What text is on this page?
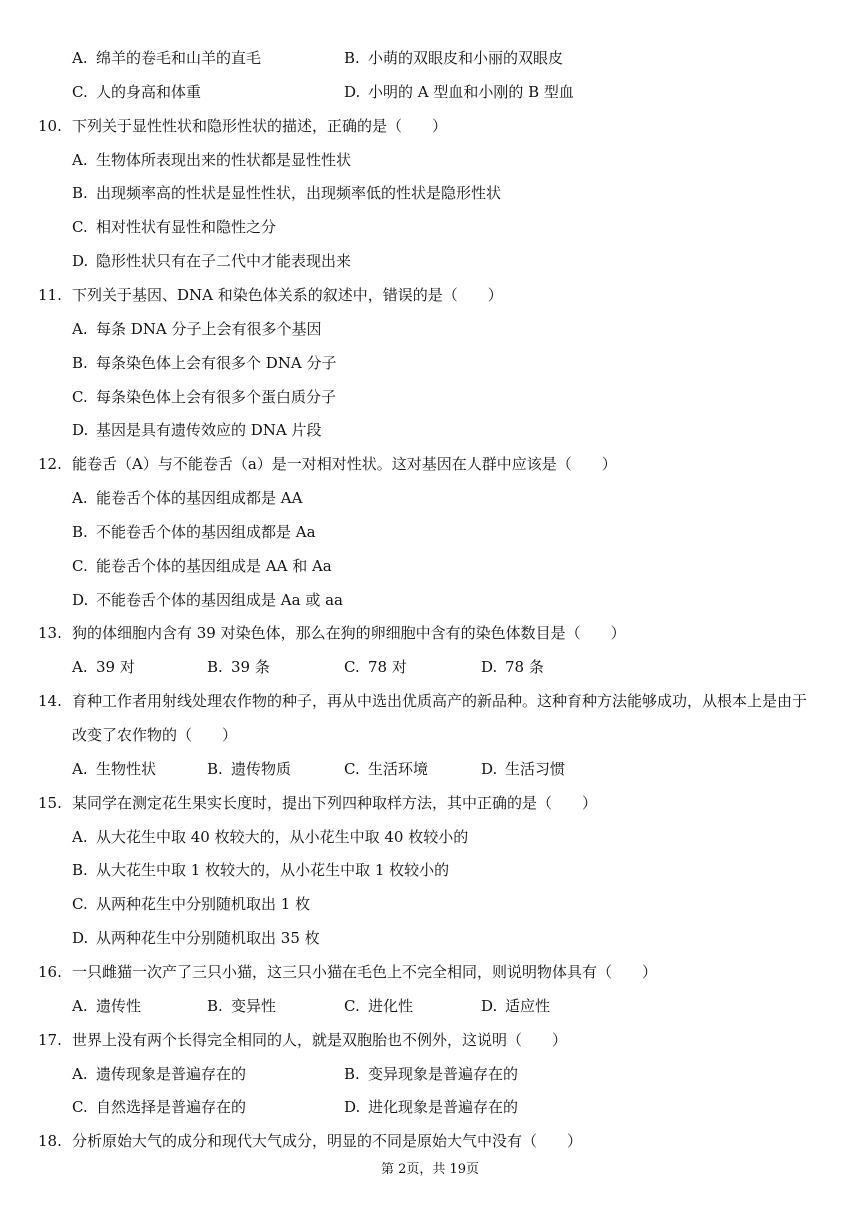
A. 绵羊的卷毛和山羊的直毛	B. 小萌的双眼皮和小丽的双眼皮
C. 人的身高和体重	D. 小明的 A 型血和小刚的 B 型血
10. 下列关于显性性状和隐形性状的描述，正确的是（　　）
A. 生物体所表现出来的性状都是显性性状
B. 出现频率高的性状是显性性状，出现频率低的性状是隐形性状
C. 相对性状有显性和隐性之分
D. 隐形性状只有在子二代中才能表现出来
11. 下列关于基因、DNA 和染色体关系的叙述中，错误的是（　　）
A. 每条 DNA 分子上会有很多个基因
B. 每条染色体上会有很多个 DNA 分子
C. 每条染色体上会有很多个蛋白质分子
D. 基因是具有遗传效应的 DNA 片段
12. 能卷舌（A）与不能卷舌（a）是一对相对性状。这对基因在人群中应该是（　　）
A. 能卷舌个体的基因组成都是 AA
B. 不能卷舌个体的基因组成都是 Aa
C. 能卷舌个体的基因组成是 AA 和 Aa
D. 不能卷舌个体的基因组成是 Aa 或 aa
13. 狗的体细胞内含有 39 对染色体，那么在狗的卵细胞中含有的染色体数目是（　　）
A. 39 对	B. 39 条	C. 78 对	D. 78 条
14. 育种工作者用射线处理农作物的种子，再从中选出优质高产的新品种。这种育种方法能够成功，从根本上是由于
改变了农作物的（　　）
A. 生物性状	B. 遗传物质	C. 生活环境	D. 生活习惯
15. 某同学在测定花生果实长度时，提出下列四种取样方法，其中正确的是（　　）
A. 从大花生中取 40 枚较大的，从小花生中取 40 枚较小的
B. 从大花生中取 1 枚较大的，从小花生中取 1 枚较小的
C. 从两种花生中分别随机取出 1 枚
D. 从两种花生中分别随机取出 35 枚
16. 一只雌猫一次产了三只小猫，这三只小猫在毛色上不完全相同，则说明物体具有（　　）
A. 遗传性	B. 变异性	C. 进化性	D. 适应性
17. 世界上没有两个长得完全相同的人，就是双胞胎也不例外，这说明（　　）
A. 遗传现象是普遍存在的	B. 变异现象是普遍存在的
C. 自然选择是普遍存在的	D. 进化现象是普遍存在的
18. 分析原始大气的成分和现代大气成分，明显的不同是原始大气中没有（　　）
第 2页，共 19页
